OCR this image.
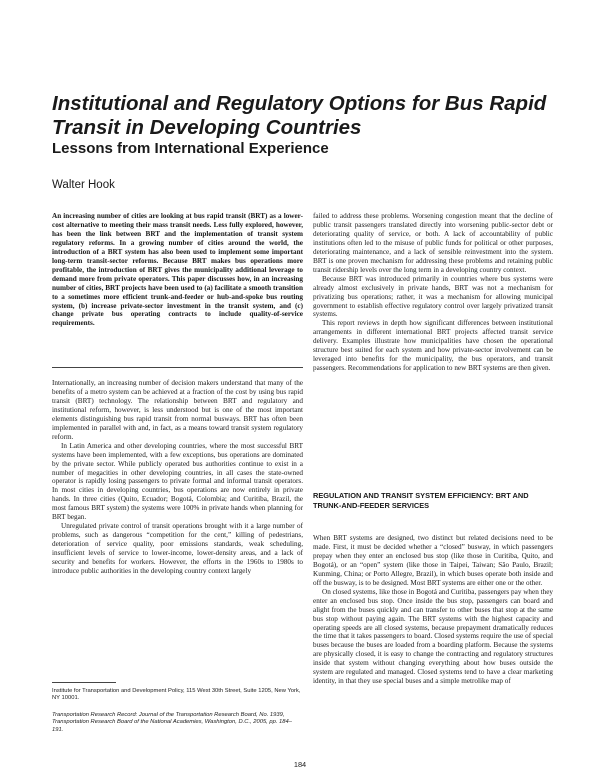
Institutional and Regulatory Options for Bus Rapid Transit in Developing Countries
Lessons from International Experience
Walter Hook

An increasing number of cities are looking at bus rapid transit (BRT) as a lower-cost alternative to meeting their mass transit needs. Less fully explored, however, has been the link between BRT and the implementation of transit system regulatory reforms. In a growing number of cities around the world, the introduction of a BRT system has also been used to implement some important long-term transit-sector reforms. Because BRT makes bus operations more profitable, the introduction of BRT gives the municipality additional leverage to demand more from private operators. This paper discusses how, in an increasing number of cities, BRT projects have been used to (a) facilitate a smooth transition to a sometimes more efficient trunk-and-feeder or hub-and-spoke bus routing system, (b) increase private-sector investment in the transit system, and (c) change private bus operating contracts to include quality-of-service requirements.

Internationally, an increasing number of decision makers understand that many of the benefits of a metro system can be achieved at a fraction of the cost by using bus rapid transit (BRT) technology. The relationship between BRT and regulatory and institutional reform, however, is less understood but is one of the most important elements distinguishing bus rapid transit from normal busways. BRT has often been implemented in parallel with and, in fact, as a means toward transit system regulatory reform.

In Latin America and other developing countries, where the most successful BRT systems have been implemented, with a few exceptions, bus operations are dominated by the private sector. While publicly operated bus authorities continue to exist in a number of megacities in other developing countries, in all cases the state-owned operator is rapidly losing passengers to private formal and informal transit operators. In most cities in developing countries, bus operations are now entirely in private hands. In three cities (Quito, Ecuador; Bogotá, Colombia; and Curitiba, Brazil, the most famous BRT system) the systems were 100% in private hands when planning for BRT began.

Unregulated private control of transit operations brought with it a large number of problems, such as dangerous “competition for the cent,” killing of pedestrians, deterioration of service quality, poor emissions standards, weak scheduling, insufficient levels of service to lower-income, lower-density areas, and a lack of security and benefits for workers. However, the efforts in the 1960s to 1980s to introduce public authorities in the developing country context largely

failed to address these problems. Worsening congestion meant that the decline of public transit passengers translated directly into worsening public-sector debt or deteriorating quality of service, or both. A lack of accountability of public institutions often led to the misuse of public funds for political or other purposes, deteriorating maintenance, and a lack of sensible reinvestment into the system. BRT is one proven mechanism for addressing these problems and retaining public transit ridership levels over the long term in a developing country context.

Because BRT was introduced primarily in countries where bus systems were already almost exclusively in private hands, BRT was not a mechanism for privatizing bus operations; rather, it was a mechanism for allowing municipal government to establish effective regulatory control over largely privatized transit systems.

This report reviews in depth how significant differences between institutional arrangements in different international BRT projects affected transit service delivery. Examples illustrate how municipalities have chosen the operational structure best suited for each system and how private-sector involvement can be leveraged into benefits for the municipality, the bus operators, and transit passengers. Recommendations for application to new BRT systems are then given.

REGULATION AND TRANSIT SYSTEM EFFICIENCY: BRT AND TRUNK-AND-FEEDER SERVICES

When BRT systems are designed, two distinct but related decisions need to be made. First, it must be decided whether a “closed” busway, in which passengers prepay when they enter an enclosed bus stop (like those in Curitiba, Quito, and Bogotá), or an “open” system (like those in Taipei, Taiwan; São Paulo, Brazil; Kunming, China; or Porto Allegre, Brazil), in which buses operate both inside and off the busway, is to be designed. Most BRT systems are either one or the other.

On closed systems, like those in Bogotá and Curitiba, passengers pay when they enter an enclosed bus stop. Once inside the bus stop, passengers can board and alight from the buses quickly and can transfer to other buses that stop at the same bus stop without paying again. The BRT systems with the highest capacity and operating speeds are all closed systems, because prepayment dramatically reduces the time that it takes passengers to board. Closed systems require the use of special buses because the buses are loaded from a boarding platform. Because the systems are physically closed, it is easy to change the contracting and regulatory structures inside that system without changing everything about how buses outside the system are regulated and managed. Closed systems tend to have a clear marketing identity, in that they use special buses and a simple metrolike map of

Institute for Transportation and Development Policy, 115 West 30th Street, Suite 1205, New York, NY 10001.
Transportation Research Record: Journal of the Transportation Research Board, No. 1939, Transportation Research Board of the National Academies, Washington, D.C., 2005, pp. 184–191.
184
